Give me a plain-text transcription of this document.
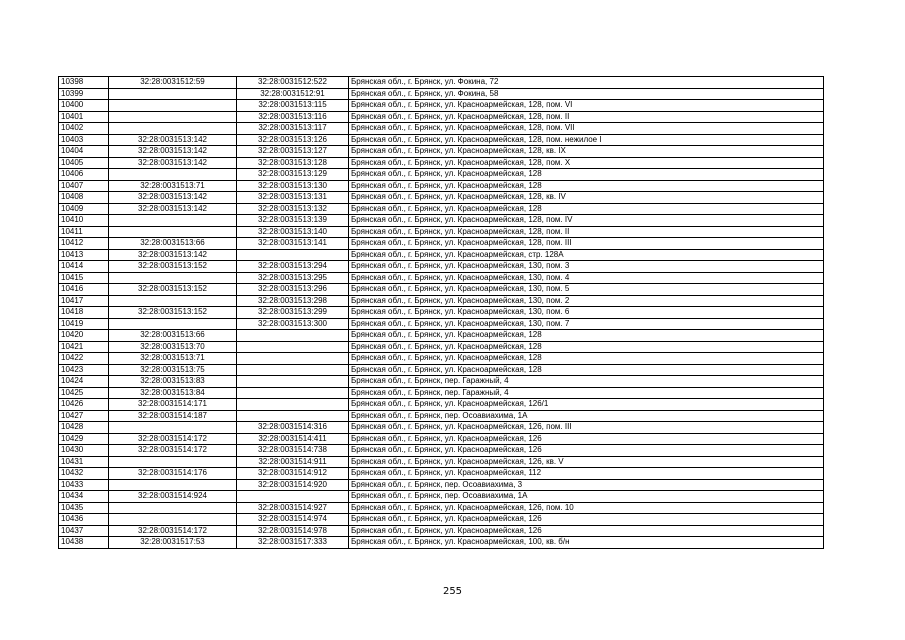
10398	32:28:0031512:59	32:28:0031512:522	Брянская обл., г. Брянск, ул. Фокина, 72
10399		32:28:0031512:91	Брянская обл., г. Брянск, ул. Фокина, 58
10400		32:28:0031513:115	Брянская обл., г. Брянск, ул. Красноармейская, 128, пом. VI
10401		32:28:0031513:116	Брянская обл., г. Брянск, ул. Красноармейская, 128, пом. II
10402		32:28:0031513:117	Брянская обл., г. Брянск, ул. Красноармейская, 128, пом. VII
10403	32:28:0031513:142	32:28:0031513:126	Брянская обл., г. Брянск, ул. Красноармейская, 128, пом. нежилое I
10404	32:28:0031513:142	32:28:0031513:127	Брянская обл., г. Брянск, ул. Красноармейская, 128, кв. IX
10405	32:28:0031513:142	32:28:0031513:128	Брянская обл., г. Брянск, ул. Красноармейская, 128, пом. X
10406		32:28:0031513:129	Брянская обл., г. Брянск, ул. Красноармейская, 128
10407	32:28:0031513:71	32:28:0031513:130	Брянская обл., г. Брянск, ул. Красноармейская, 128
10408	32:28:0031513:142	32:28:0031513:131	Брянская обл., г. Брянск, ул. Красноармейская, 128, кв. IV
10409	32:28:0031513:142	32:28:0031513:132	Брянская обл., г. Брянск, ул. Красноармейская, 128
10410		32:28:0031513:139	Брянская обл., г. Брянск, ул. Красноармейская, 128, пом. IV
10411		32:28:0031513:140	Брянская обл., г. Брянск, ул. Красноармейская, 128, пом. II
10412	32:28:0031513:66	32:28:0031513:141	Брянская обл., г. Брянск, ул. Красноармейская, 128, пом. III
10413	32:28:0031513:142		Брянская обл., г. Брянск, ул. Красноармейская, стр. 128А
10414	32:28:0031513:152	32:28:0031513:294	Брянская обл., г. Брянск, ул. Красноармейская, 130, пом. 3
10415		32:28:0031513:295	Брянская обл., г. Брянск, ул. Красноармейская, 130, пом. 4
10416	32:28:0031513:152	32:28:0031513:296	Брянская обл., г. Брянск, ул. Красноармейская, 130, пом. 5
10417		32:28:0031513:298	Брянская обл., г. Брянск, ул. Красноармейская, 130, пом. 2
10418	32:28:0031513:152	32:28:0031513:299	Брянская обл., г. Брянск, ул. Красноармейская, 130, пом. 6
10419		32:28:0031513:300	Брянская обл., г. Брянск, ул. Красноармейская, 130, пом. 7
10420	32:28:0031513:66		Брянская обл., г. Брянск, ул. Красноармейская, 128
10421	32:28:0031513:70		Брянская обл., г. Брянск, ул. Красноармейская, 128
10422	32:28:0031513:71		Брянская обл., г. Брянск, ул. Красноармейская, 128
10423	32:28:0031513:75		Брянская обл., г. Брянск, ул. Красноармейская, 128
10424	32:28:0031513:83		Брянская обл., г. Брянск, пер. Гаражный, 4
10425	32:28:0031513:84		Брянская обл., г. Брянск, пер. Гаражный, 4
10426	32:28:0031514:171		Брянская обл., г. Брянск, ул. Красноармейская, 126/1
10427	32:28:0031514:187		Брянская обл., г. Брянск, пер. Осоавиахима, 1А
10428		32:28:0031514:316	Брянская обл., г. Брянск, ул. Красноармейская, 126, пом. III
10429	32:28:0031514:172	32:28:0031514:411	Брянская обл., г. Брянск, ул. Красноармейская, 126
10430	32:28:0031514:172	32:28:0031514:738	Брянская обл., г. Брянск, ул. Красноармейская, 126
10431		32:28:0031514:911	Брянская обл., г. Брянск, ул. Красноармейская, 126, кв. V
10432	32:28:0031514:176	32:28:0031514:912	Брянская обл., г. Брянск, ул. Красноармейская, 112
10433		32:28:0031514:920	Брянская обл., г. Брянск, пер. Осоавиахима, 3
10434	32:28:0031514:924		Брянская обл., г. Брянск, пер. Осоавиахима, 1А
10435		32:28:0031514:927	Брянская обл., г. Брянск, ул. Красноармейская, 126, пом. 10
10436		32:28:0031514:974	Брянская обл., г. Брянск, ул. Красноармейская, 126
10437	32:28:0031514:172	32:28:0031514:978	Брянская обл., г. Брянск, ул. Красноармейская, 126
10438	32:28:0031517:53	32:28:0031517:333	Брянская обл., г. Брянск, ул. Красноармейская, 100, кв. б/н
255
